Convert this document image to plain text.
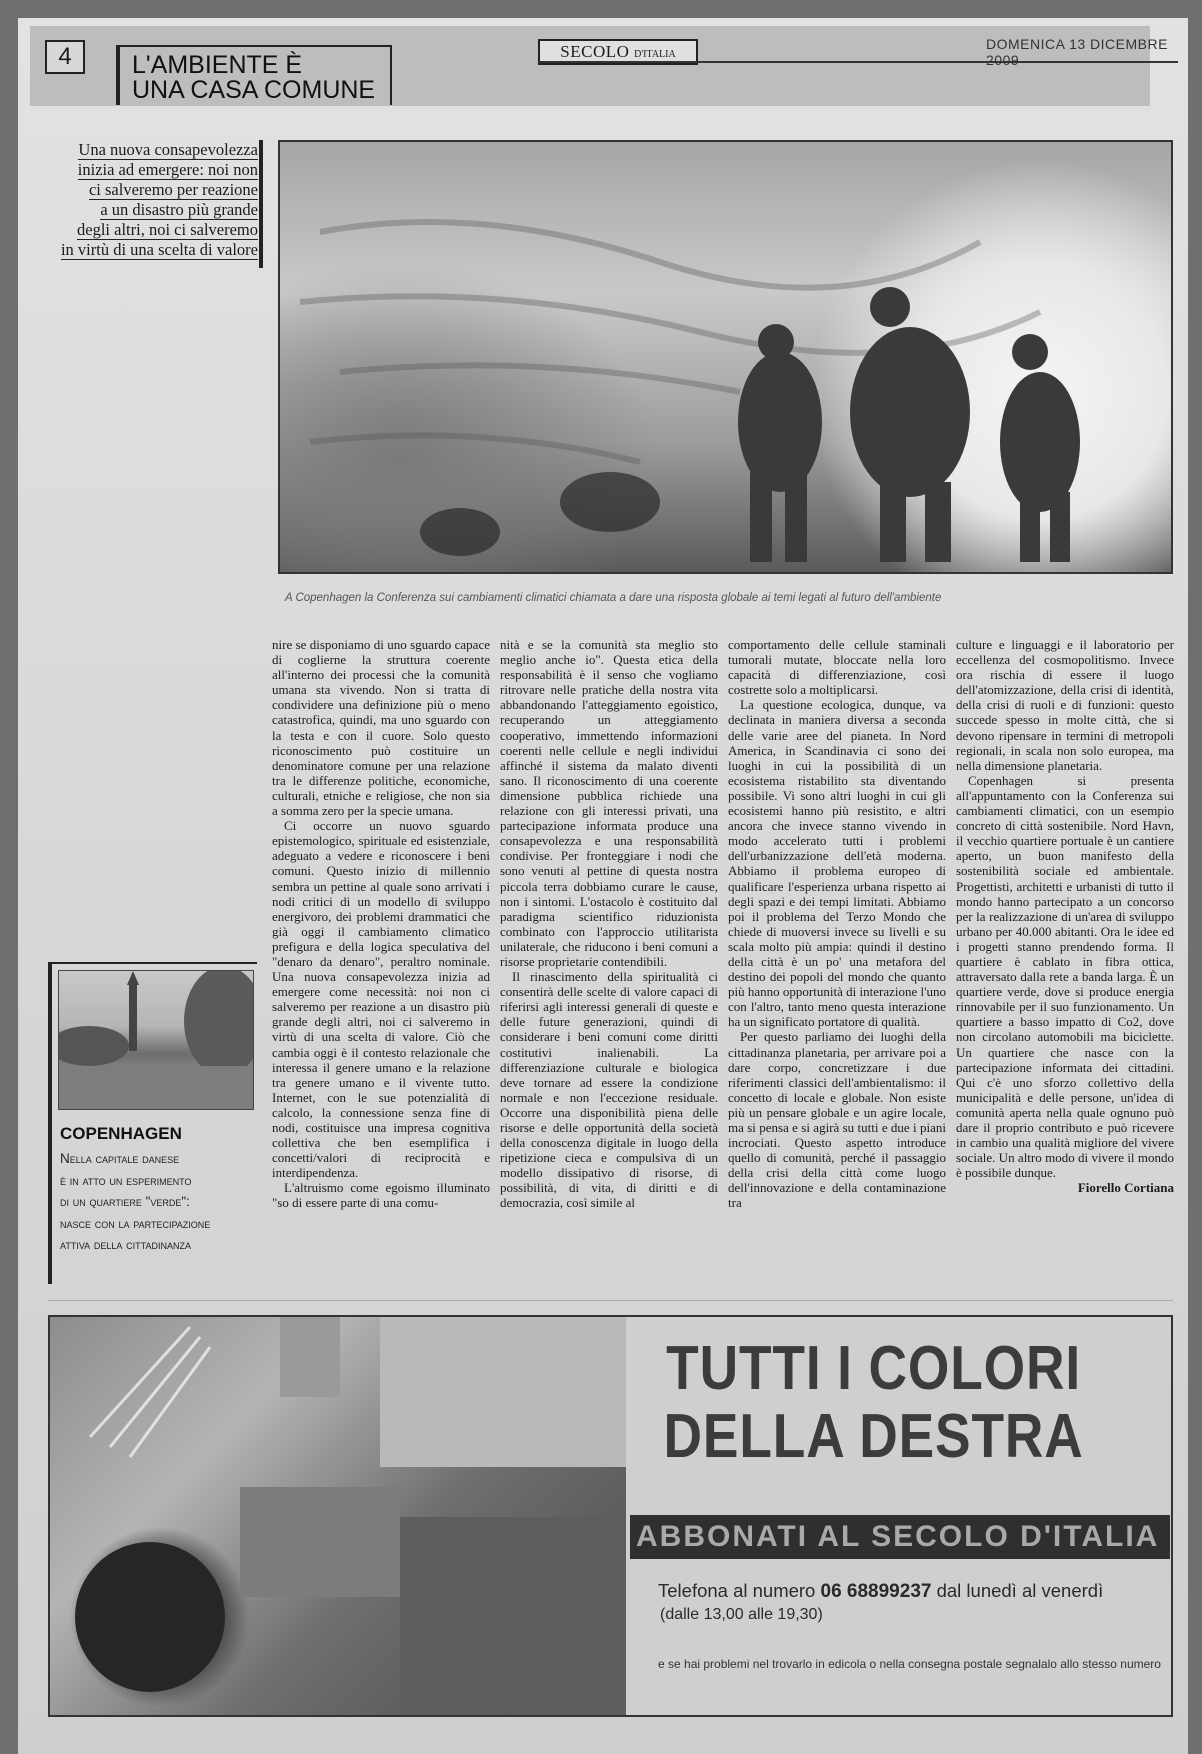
4	L'AMBIENTE È
UNA CASA COMUNE
SECOLO D'ITALIA
DOMENICA 13 DICEMBRE 2009
Una nuova consapevolezza
inizia ad emergere: noi non
ci salveremo per reazione
a un disastro più grande
degli altri, noi ci salveremo
in virtù di una scelta di valore
A Copenhagen la Conferenza sui cambiamenti climatici chiamata a dare una risposta globale ai temi legati al futuro dell'ambiente

nire se disponiamo di uno sguardo capace di coglierne la struttura coerente all'interno dei processi che la comunità umana sta vivendo. Non si tratta di condividere una definizione più o meno catastrofica, quindi, ma uno sguardo con la testa e con il cuore. Solo questo riconoscimento può costituire un denominatore comune per una relazione tra le differenze politiche, economiche, culturali, etniche e religiose, che non sia a somma zero per la specie umana.

Ci occorre un nuovo sguardo epistemologico, spirituale ed esistenziale, adeguato a vedere e riconoscere i beni comuni. Questo inizio di millennio sembra un pettine al quale sono arrivati i nodi critici di un modello di sviluppo energivoro, dei problemi drammatici che già oggi il cambiamento climatico prefigura e della logica speculativa del "denaro da denaro", peraltro nominale. Una nuova consapevolezza inizia ad emergere come necessità: noi non ci salveremo per reazione a un disastro più grande degli altri, noi ci salveremo in virtù di una scelta di valore. Ciò che cambia oggi è il contesto relazionale che interessa il genere umano e la relazione tra genere umano e il vivente tutto. Internet, con le sue potenzialità di calcolo, la connessione senza fine di nodi, costituisce una impresa cognitiva collettiva che ben esemplifica i concetti/valori di reciprocità e interdipendenza.

L'altruismo come egoismo illuminato "so di essere parte di una comu-

nità e se la comunità sta meglio sto meglio anche io". Questa etica della responsabilità è il senso che vogliamo ritrovare nelle pratiche della nostra vita abbandonando l'atteggiamento egoistico, recuperando un atteggiamento cooperativo, immettendo informazioni coerenti nelle cellule e negli individui affinché il sistema da malato diventi sano. Il riconoscimento di una coerente dimensione pubblica richiede una relazione con gli interessi privati, una partecipazione informata produce una consapevolezza e una responsabilità condivise. Per fronteggiare i nodi che sono venuti al pettine di questa nostra piccola terra dobbiamo curare le cause, non i sintomi. L'ostacolo è costituito dal paradigma scientifico riduzionista combinato con l'approccio utilitarista unilaterale, che riducono i beni comuni a risorse proprietarie contendibili.

Il rinascimento della spiritualità ci consentirà delle scelte di valore capaci di riferirsi agli interessi generali di queste e delle future generazioni, quindi di considerare i beni comuni come diritti costitutivi inalienabili. La differenziazione culturale e biologica deve tornare ad essere la condizione normale e non l'eccezione residuale. Occorre una disponibilità piena delle risorse e delle opportunità della società della conoscenza digitale in luogo della ripetizione cieca e compulsiva di un modello dissipativo di risorse, di possibilità, di vita, di diritti e di democrazia, così simile al

comportamento delle cellule staminali tumorali mutate, bloccate nella loro capacità di differenziazione, così costrette solo a moltiplicarsi.

La questione ecologica, dunque, va declinata in maniera diversa a seconda delle varie aree del pianeta. In Nord America, in Scandinavia ci sono dei luoghi in cui la possibilità di un ecosistema ristabilito sta diventando possibile. Vi sono altri luoghi in cui gli ecosistemi hanno più resistito, e altri ancora che invece stanno vivendo in modo accelerato tutti i problemi dell'urbanizzazione dell'età moderna. Abbiamo il problema europeo di qualificare l'esperienza urbana rispetto ai degli spazi e dei tempi limitati. Abbiamo poi il problema del Terzo Mondo che chiede di muoversi invece su livelli e su scala molto più ampia: quindi il destino della città è un po' una metafora del destino dei popoli del mondo che quanto più hanno opportunità di interazione l'uno con l'altro, tanto meno questa interazione ha un significato portatore di qualità.

Per questo parliamo dei luoghi della cittadinanza planetaria, per arrivare poi a dare corpo, concretizzare i due riferimenti classici dell'ambientalismo: il concetto di locale e globale. Non esiste più un pensare globale e un agire locale, ma si pensa e si agirà su tutti e due i piani incrociati. Questo aspetto introduce quello di comunità, perché il passaggio della crisi della città come luogo dell'innovazione e della contaminazione tra

culture e linguaggi e il laboratorio per eccellenza del cosmopolitismo. Invece ora rischia di essere il luogo dell'atomizzazione, della crisi di identità, della crisi di ruoli e di funzioni: questo succede spesso in molte città, che si devono ripensare in termini di metropoli regionali, in scala non solo europea, ma nella dimensione planetaria.

Copenhagen si presenta all'appuntamento con la Conferenza sui cambiamenti climatici, con un esempio concreto di città sostenibile. Nord Havn, il vecchio quartiere portuale è un cantiere aperto, un buon manifesto della sostenibilità sociale ed ambientale. Progettisti, architetti e urbanisti di tutto il mondo hanno partecipato a un concorso per la realizzazione di un'area di sviluppo urbano per 40.000 abitanti. Ora le idee ed i progetti stanno prendendo forma. Il quartiere è cablato in fibra ottica, attraversato dalla rete a banda larga. È un quartiere verde, dove si produce energia rinnovabile per il suo funzionamento. Un quartiere a basso impatto di Co2, dove non circolano automobili ma biciclette. Un quartiere che nasce con la partecipazione informata dei cittadini. Qui c'è uno sforzo collettivo della municipalità e delle persone, un'idea di comunità aperta nella quale ognuno può dare il proprio contributo e può ricevere in cambio una qualità migliore del vivere sociale. Un altro modo di vivere il mondo è possibile dunque.

Fiorello Cortiana

COPENHAGEN
Nella capitale danese
è in atto un esperimento
di un quartiere "verde":
nasce con la partecipazione
attiva della cittadinanza
TUTTI I COLORI
DELLA DESTRA
ABBONATI AL SECOLO D'ITALIA
Telefona al numero 06 68899237 dal lunedì al venerdì
(dalle 13,00 alle 19,30)
e se hai problemi nel trovarlo in edicola o nella consegna postale segnalalo allo stesso numero
